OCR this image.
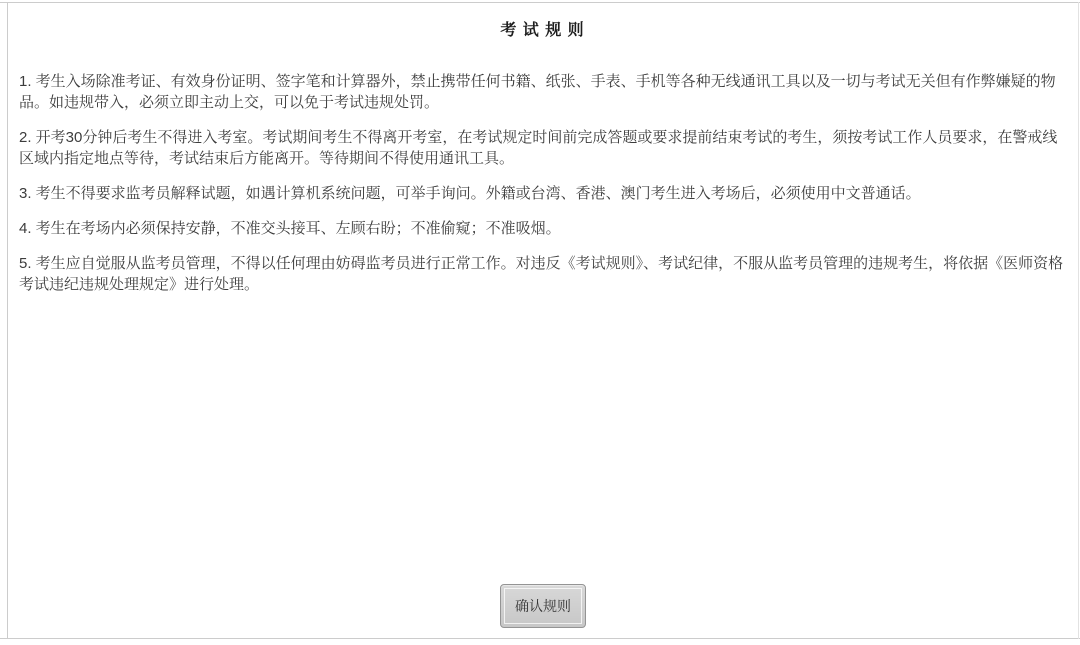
考 试 规 则

1. 考生入场除准考证、有效身份证明、签字笔和计算器外，禁止携带任何书籍、纸张、手表、手机等各种无线通讯工具以及一切与考试无关但有作弊嫌疑的物品。如违规带入，必须立即主动上交，可以免于考试违规处罚。

2. 开考30分钟后考生不得进入考室。考试期间考生不得离开考室，在考试规定时间前完成答题或要求提前结束考试的考生，须按考试工作人员要求，在警戒线区域内指定地点等待，考试结束后方能离开。等待期间不得使用通讯工具。

3. 考生不得要求监考员解释试题，如遇计算机系统问题，可举手询问。外籍或台湾、香港、澳门考生进入考场后，必须使用中文普通话。

4. 考生在考场内必须保持安静，不准交头接耳、左顾右盼；不准偷窥；不准吸烟。

5. 考生应自觉服从监考员管理，不得以任何理由妨碍监考员进行正常工作。对违反《考试规则》、考试纪律，不服从监考员管理的违规考生，将依据《医师资格考试违纪违规处理规定》进行处理。

确认规则
